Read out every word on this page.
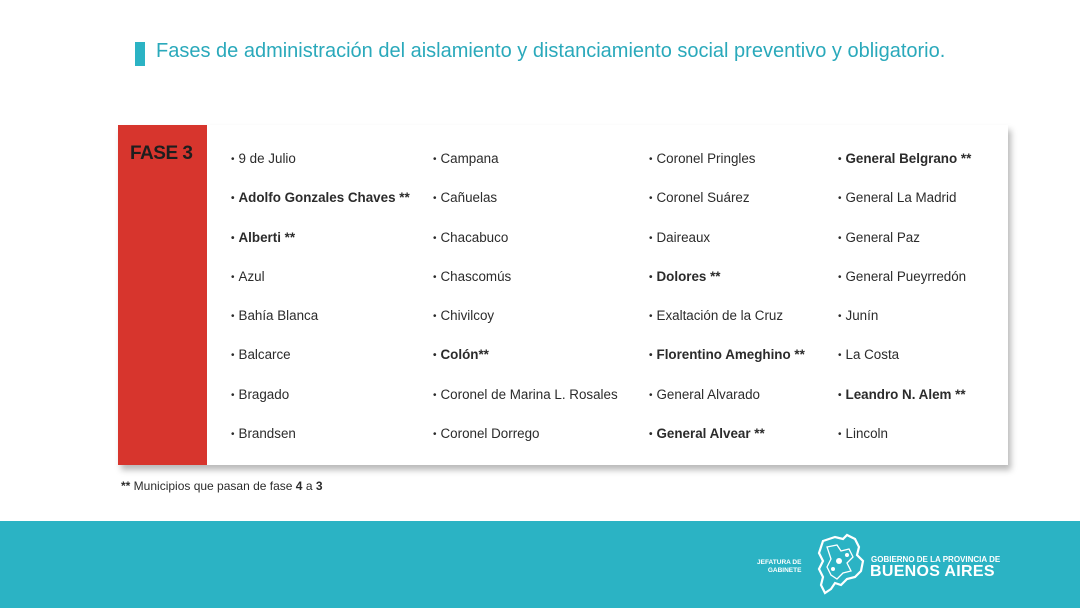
Fases de administración del aislamiento y distanciamiento social preventivo y obligatorio.
FASE 3	• 9 de Julio
• Adolfo Gonzales Chaves **
• Alberti **
• Azul
• Bahía Blanca
• Balcarce
• Bragado
• Brandsen
• Campana
• Cañuelas
• Chacabuco
• Chascomús
• Chivilcoy
• Colón**
• Coronel de Marina L. Rosales
• Coronel Dorrego
• Coronel Pringles
• Coronel Suárez
• Daireaux
• Dolores **
• Exaltación de la Cruz
• Florentino Ameghino **
• General Alvarado
• General Alvear **
• General Belgrano **
• General La Madrid
• General Paz
• General Pueyrredón
• Junín
• La Costa
• Leandro N. Alem **
• Lincoln
** Municipios que pasan de fase 4 a 3
JEFATURA DE
GABINETE
GOBIERNO DE LA PROVINCIA DE
BUENOS AIRES
